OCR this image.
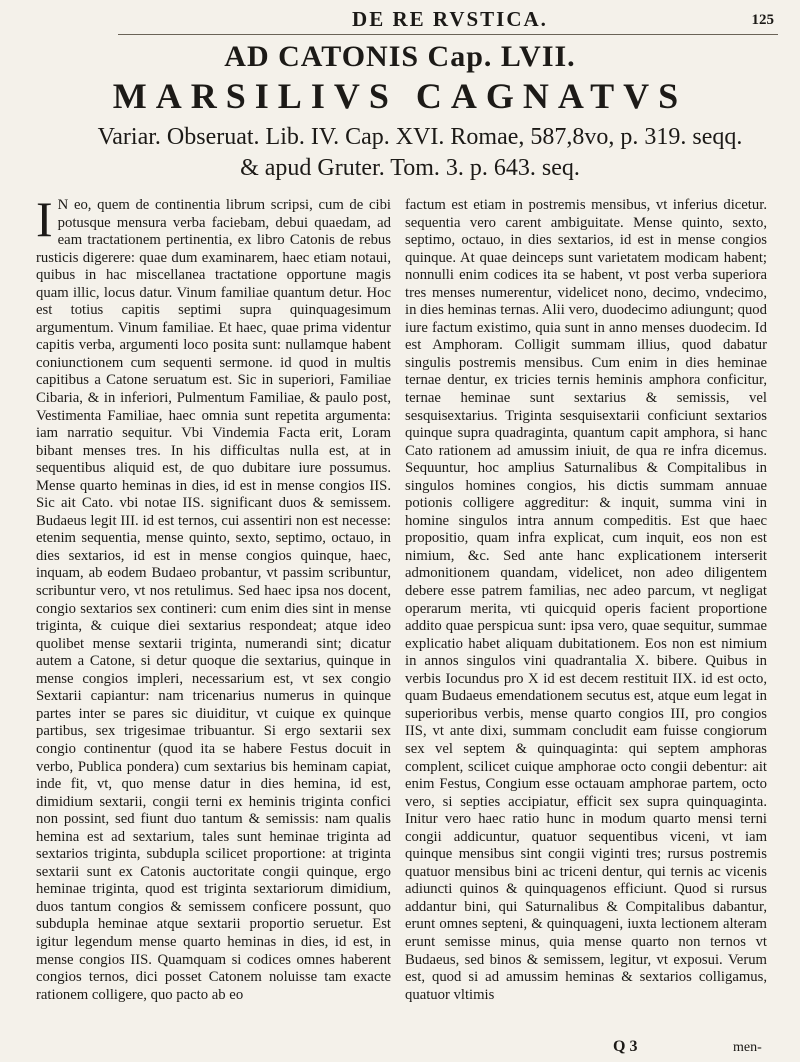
DE RE RVSTICA.	125
AD CATONIS Cap. LVII.
MARSILIVS CAGNATVS
Variar. Obseruat. Lib. IV. Cap. XVI. Romae, 587,8vo, p. 319. seqq.
& apud Gruter. Tom. 3. p. 643. seq.

I N eo, quem de continentia librum scripsi, cum de cibi potusque mensura verba faciebam, debui quaedam, ad eam tractationem pertinentia, ex libro Catonis de rebus rusticis digerere: quae dum examinarem, haec etiam notaui, quibus in hac miscellanea tractatione opportune magis quam illic, locus datur. Vinum familiae quantum detur. Hoc est totius capitis septimi supra quinquagesimum argumentum. Vinum familiae. Et haec, quae prima videntur capitis verba, argumenti loco posita sunt: nullamque habent coniunctionem cum sequenti sermone. id quod in multis capitibus a Catone seruatum est. Sic in superiori, Familiae Cibaria, & in inferiori, Pulmentum Familiae, & paulo post, Vestimenta Familiae, haec omnia sunt repetita argumenta: iam narratio sequitur. Vbi Vindemia Facta erit, Loram bibant menses tres. In his difficultas nulla est, at in sequentibus aliquid est, de quo dubitare iure possumus. Mense quarto heminas in dies, id est in mense congios IIS. Sic ait Cato. vbi notae IIS. significant duos & semissem. Budaeus legit III. id est ternos, cui assentiri non est necesse: etenim sequentia, mense quinto, sexto, septimo, octauo, in dies sextarios, id est in mense congios quinque, haec, inquam, ab eodem Budaeo probantur, vt passim scribuntur, scribuntur vero, vt nos retulimus. Sed haec ipsa nos docent, congio sextarios sex contineri: cum enim dies sint in mense triginta, & cuique diei sextarius respondeat; atque ideo quolibet mense sextarii triginta, numerandi sint; dicatur autem a Catone, si detur quoque die sextarius, quinque in mense congios impleri, necessarium est, vt sex congio Sextarii capiantur: nam tricenarius numerus in quinque partes inter se pares sic diuiditur, vt cuique ex quinque partibus, sex trigesimae tribuantur. Si ergo sextarii sex congio continentur (quod ita se habere Festus docuit in verbo, Publica pondera) cum sextarius bis heminam capiat, inde fit, vt, quo mense datur in dies hemina, id est, dimidium sextarii, congii terni ex heminis triginta confici non possint, sed fiunt duo tantum & semissis: nam qualis hemina est ad sextarium, tales sunt heminae triginta ad sextarios triginta, subdupla scilicet proportione: at triginta sextarii sunt ex Catonis auctoritate congii quinque, ergo heminae triginta, quod est triginta sextariorum dimidium, duos tantum congios & semissem conficere possunt, quo subdupla heminae atque sextarii proportio seruetur. Est igitur legendum mense quarto heminas in dies, id est, in mense congios IIS. Quamquam si codices omnes haberent congios ternos, dici posset Catonem noluisse tam exacte rationem colligere, quo pacto ab eo

factum est etiam in postremis mensibus, vt inferius dicetur. sequentia vero carent ambiguitate. Mense quinto, sexto, septimo, octauo, in dies sextarios, id est in mense congios quinque. At quae deinceps sunt varietatem modicam habent; nonnulli enim codices ita se habent, vt post verba superiora tres menses numerentur, videlicet nono, decimo, vndecimo, in dies heminas ternas. Alii vero, duodecimo adiungunt; quod iure factum existimo, quia sunt in anno menses duodecim. Id est Amphoram. Colligit summam illius, quod dabatur singulis postremis mensibus. Cum enim in dies heminae ternae dentur, ex tricies ternis heminis amphora conficitur, ternae heminae sunt sextarius & semissis, vel sesquisextarius. Triginta sesquisextarii conficiunt sextarios quinque supra quadraginta, quantum capit amphora, si hanc Cato rationem ad amussim iniuit, de qua re infra dicemus. Sequuntur, hoc amplius Saturnalibus & Compitalibus in singulos homines congios, his dictis summam annuae potionis colligere aggreditur: & inquit, summa vini in homine singulos intra annum compeditis. Est que haec propositio, quam infra explicat, cum inquit, eos non est nimium, &c. Sed ante hanc explicationem interserit admonitionem quandam, videlicet, non adeo diligentem debere esse patrem familias, nec adeo parcum, vt negligat operarum merita, vti quicquid operis facient proportione addito quae perspicua sunt: ipsa vero, quae sequitur, summae explicatio habet aliquam dubitationem. Eos non est nimium in annos singulos vini quadrantalia X. bibere. Quibus in verbis Iocundus pro X id est decem restituit IIX. id est octo, quam Budaeus emendationem secutus est, atque eum legat in superioribus verbis, mense quarto congios III, pro congios IIS, vt ante dixi, summam concludit eam fuisse congiorum sex vel septem & quinquaginta: qui septem amphoras complent, scilicet cuique amphorae octo congii debentur: ait enim Festus, Congium esse octauam amphorae partem, octo vero, si septies accipiatur, efficit sex supra quinquaginta. Initur vero haec ratio hunc in modum quarto mensi terni congii addicuntur, quatuor sequentibus viceni, vt iam quinque mensibus sint congii viginti tres; rursus postremis quatuor mensibus bini ac triceni dentur, qui ternis ac vicenis adiuncti quinos & quinquagenos efficiunt. Quod si rursus addantur bini, qui Saturnalibus & Compitalibus dabantur, erunt omnes septeni, & quinquageni, iuxta lectionem alteram erunt semisse minus, quia mense quarto non ternos vt Budaeus, sed binos & semissem, legitur, vt exposui. Verum est, quod si ad amussim heminas & sextarios colligamus, quatuor vltimis

Q 3	men-
